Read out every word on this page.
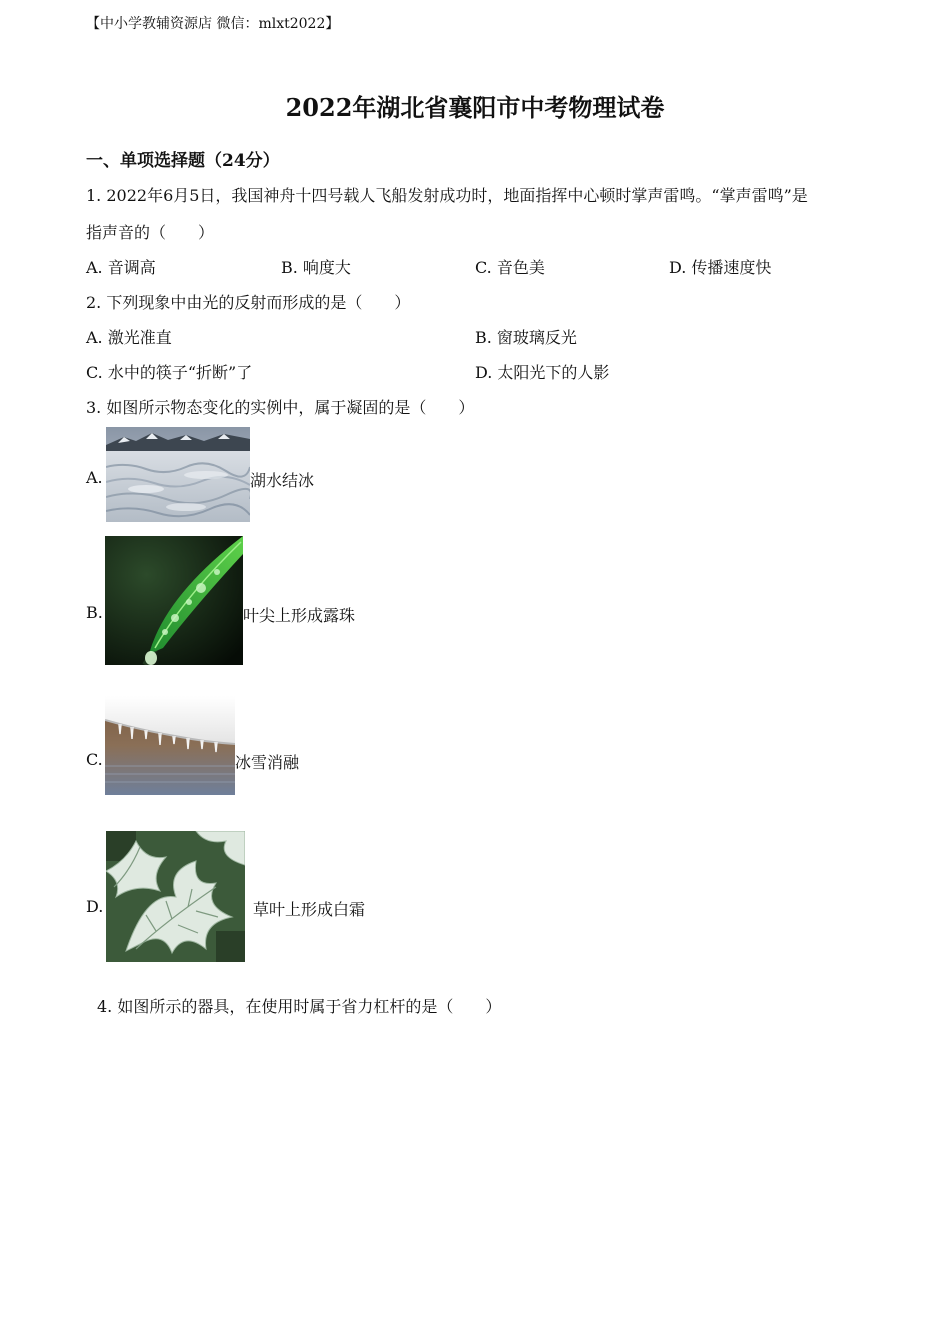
【中小学教辅资源店 微信：mlxt2022】
2022年湖北省襄阳市中考物理试卷
一、单项选择题（24分）
1. 2022年6月5日，我国神舟十四号载人飞船发射成功时，地面指挥中心顿时掌声雷鸣。“掌声雷鸣”是
指声音的（　　）
A. 音调高	B. 响度大	C. 音色美	D. 传播速度快
2. 下列现象中由光的反射而形成的是（　　）
A. 激光准直	B. 窗玻璃反光
C. 水中的筷子“折断”了	D. 太阳光下的人影
3. 如图所示物态变化的实例中，属于凝固的是（　　）
A.	湖水结冰
B.	叶尖上形成露珠
C.	冰雪消融
D.	草叶上形成白霜
4. 如图所示的器具，在使用时属于省力杠杆的是（　　）
